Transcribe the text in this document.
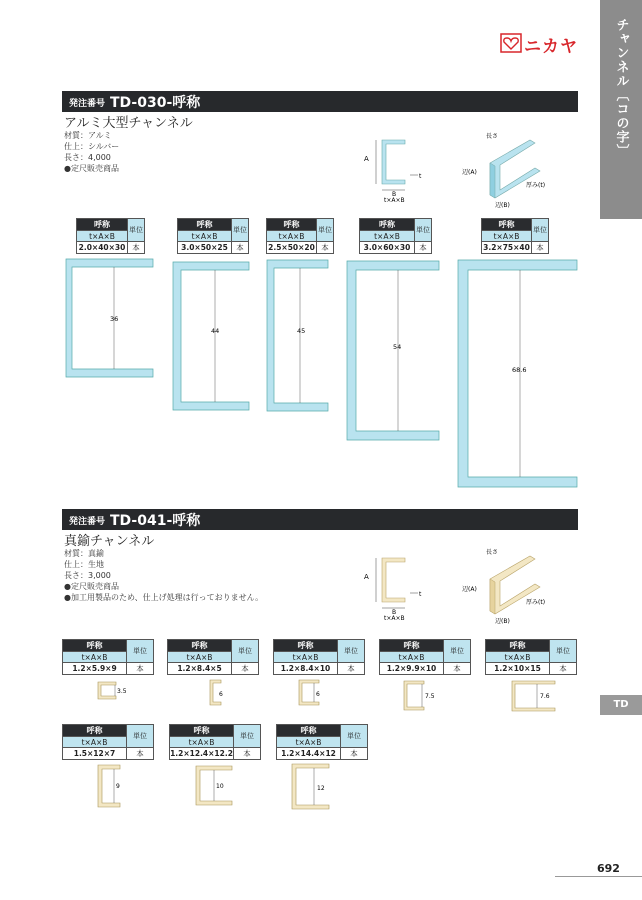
チャンネル〔コの字〕
TD
692
ニカヤ
発注番号 TD-030-呼称
アルミ大型チャンネル
材質：アルミ
仕上：シルバー
長さ：4,000
●定尺販売商品
A
B
t
t×A×B
長さ
辺(A)
厚み(t)
辺(B)
呼称	単位
t×A×B	
2.0×40×30	本
呼称	単位
t×A×B	
3.0×50×25	本
呼称	単位
t×A×B	
2.5×50×20	本
呼称	単位
t×A×B	
3.0×60×30	本
呼称	単位
t×A×B	
3.2×75×40	本
36
44	45
54
68.6
発注番号 TD-041-呼称
真鍮チャンネル
材質：真鍮
仕上：生地
長さ：3,000
●定尺販売商品
●加工用製品のため、仕上げ処理は行っておりません。
A
B
t
t×A×B
長さ
辺(A)
厚み(t)
辺(B)
呼称	単位
t×A×B	
1.2×5.9×9	本
呼称	単位
t×A×B	
1.2×8.4×5	本
呼称	単位
t×A×B	
1.2×8.4×10	本
呼称	単位
t×A×B	
1.2×9.9×10	本
呼称	単位
t×A×B	
1.2×10×15	本
呼称	単位
t×A×B	
1.5×12×7	本
呼称	単位
t×A×B	
1.2×12.4×12.2	本
呼称	単位
t×A×B	
1.2×14.4×12	本
3.5	6	6	7.5	7.6
9	10	12
